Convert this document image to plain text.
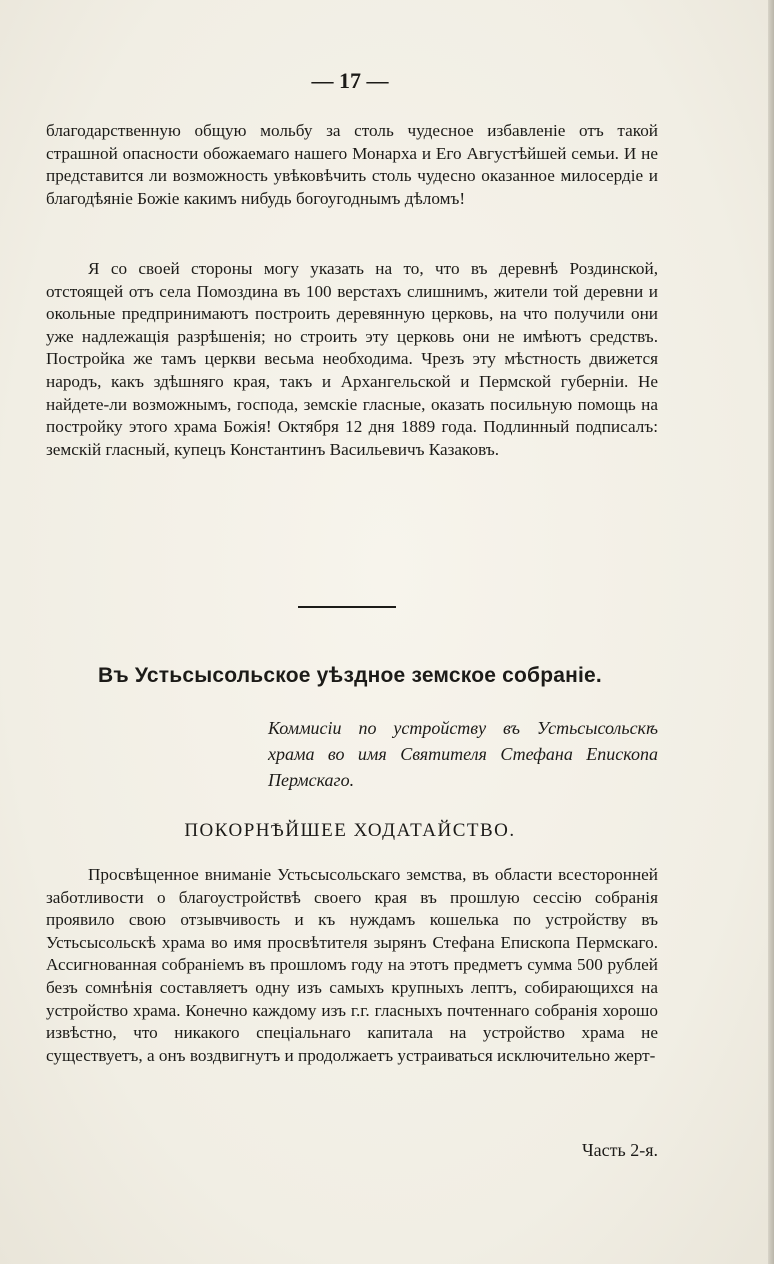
— 17 —

благодарственную общую мольбу за столь чудесное избавленіе отъ такой страшной опасности обожаемаго нашего Монарха и Его Августѣйшей семьи. И не представится ли возможность увѣковѣчить столь чудесно оказанное милосердіе и благодѣяніе Божіе какимъ нибудь богоугоднымъ дѣломъ!

Я со своей стороны могу указать на то, что въ деревнѣ Роздинской, отстоящей отъ села Помоздина въ 100 верстахъ слишнимъ, жители той деревни и окольные предпринимаютъ построить деревянную церковь, на что получили они уже надлежащія разрѣшенія; но строить эту церковь они не имѣютъ средствъ. Постройка же тамъ церкви весьма необходима. Чрезъ эту мѣстность движется народъ, какъ здѣшняго края, такъ и Архангельской и Пермской губерніи. Не найдете-ли возможнымъ, господа, земскіе гласные, оказать посильную помощь на постройку этого храма Божія! Октября 12 дня 1889 года. Подлинный подписалъ: земскій гласный, купецъ Константинъ Васильевичъ Казаковъ.

Въ Устьсысольское уѣздное земское собраніе.
Коммисіи по устройству въ Устьсысольскѣ храма во имя Святителя Стефана Епископа Пермскаго.
ПОКОРНѢЙШЕЕ ХОДАТАЙСТВО.

Просвѣщенное вниманіе Устьсысольскаго земства, въ области всесторонней заботливости о благоустройствѣ своего края въ прошлую сессію собранія проявило свою отзывчивость и къ нуждамъ кошелька по устройству въ Устьсысольскѣ храма во имя просвѣтителя зырянъ Стефана Епископа Пермскаго. Ассигнованная собраніемъ въ прошломъ году на этотъ предметъ сумма 500 рублей безъ сомнѣнія составляетъ одну изъ самыхъ крупныхъ лептъ, собирающихся на устройство храма. Конечно каждому изъ г.г. гласныхъ почтеннаго собранія хорошо извѣстно, что никакого спеціальнаго капитала на устройство храма не существуетъ, а онъ воздвигнутъ и продолжаетъ устраиваться исключительно жерт-

Часть 2-я.
